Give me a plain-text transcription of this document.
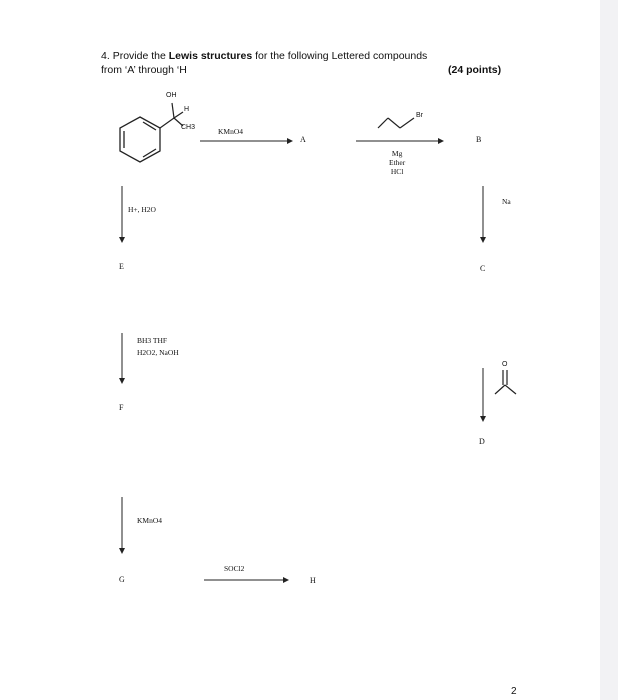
4. Provide the Lewis structures for the following Lettered compounds
from ‘A’ through ‘H	(24 points)
OH
H
CH3	KMnO4
A
Br
Mg
Ether
HCl
B
H+, H2O
Na
E	C
BH3 THF
H2O2, NaOH
O
F
D
KMnO4
SOCl2
G	H
2
